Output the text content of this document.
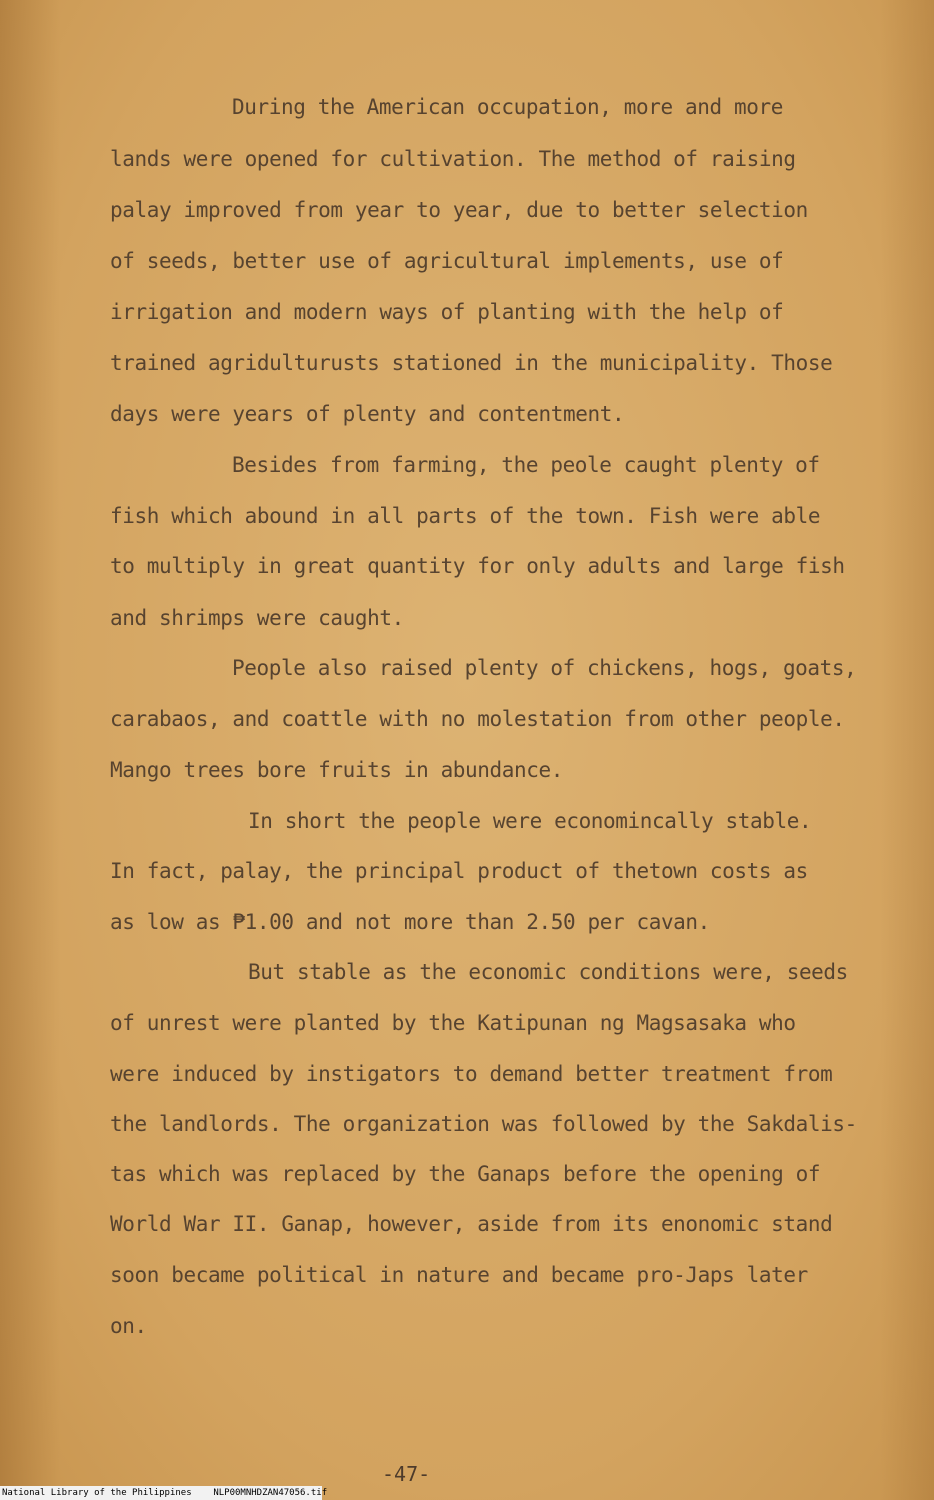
During the American occupation, more and more
lands were opened for cultivation. The method of raising
palay improved from year to year, due to better selection
of seeds, better use of agricultural implements, use of
irrigation and modern ways of planting with the help of
trained agridulturusts stationed in the municipality. Those
days were years of plenty and contentment.
Besides from farming, the peole caught plenty of
fish which abound in all parts of the town. Fish were able
to multiply in great quantity for only adults and large fish
and shrimps were caught.
People also raised plenty of chickens, hogs, goats,
carabaos, and coattle with no molestation from other people.
Mango trees bore fruits in abundance.
In short the people were economincally stable.
In fact, palay, the principal product of thetown costs as
as low as ₱1.00 and not more than 2.50 per cavan.
But stable as the economic conditions were, seeds
of unrest were planted by the Katipunan ng Magsasaka who
were induced by instigators to demand better treatment from
the landlords. The organization was followed by the Sakdalis-
tas which was replaced by the Ganaps before the opening of
World War II. Ganap, however, aside from its enonomic stand
soon became political in nature and became pro-Japs later
on.
-47-
National Library of the Philippines    NLP00MNHDZAN47056.tif
